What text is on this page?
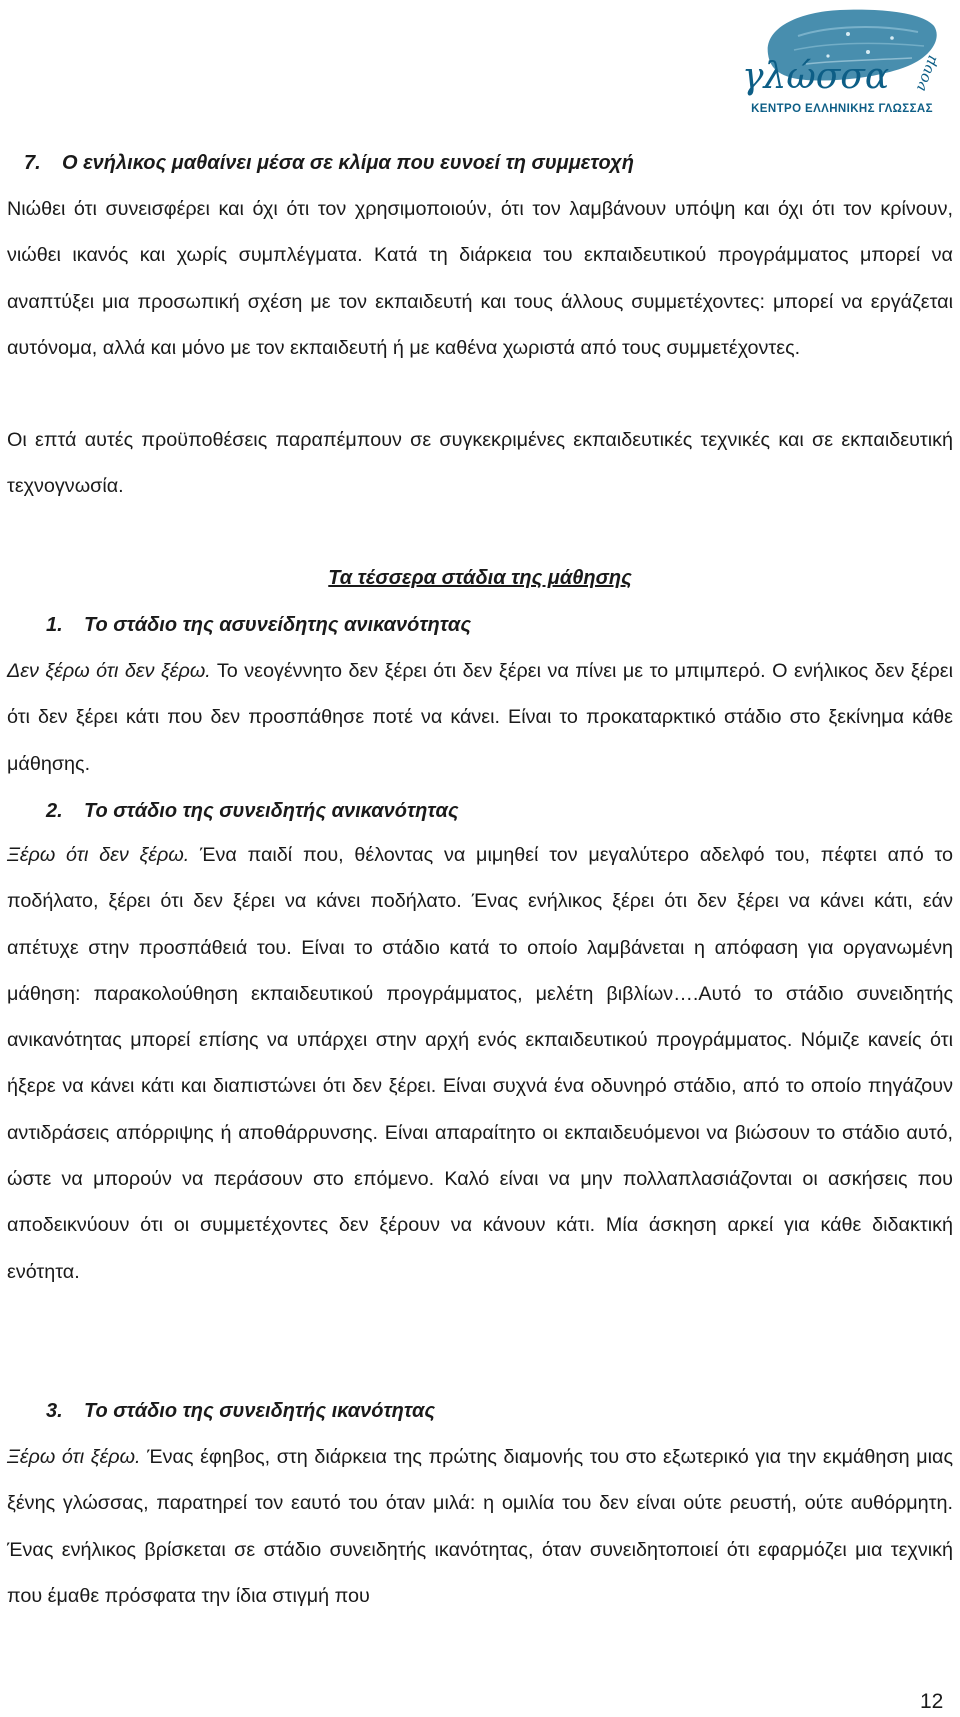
γλώσσα νουμ
ΚΕΝΤΡΟ ΕΛΛΗΝΙΚΗΣ ΓΛΩΣΣΑΣ
7. Ο ενήλικος μαθαίνει μέσα σε κλίμα που ευνοεί τη συμμετοχή

Νιώθει ότι συνεισφέρει και όχι ότι τον χρησιμοποιούν, ότι τον λαμβάνουν υπόψη και όχι ότι τον κρίνουν, νιώθει ικανός και χωρίς συμπλέγματα. Κατά τη διάρκεια του εκπαιδευτικού προγράμματος μπορεί να αναπτύξει μια προσωπική σχέση με τον εκπαιδευτή και τους άλλους συμμετέχοντες: μπορεί να εργάζεται αυτόνομα, αλλά και μόνο με τον εκπαιδευτή ή με καθένα χωριστά από τους συμμετέχοντες.

Οι επτά αυτές προϋποθέσεις παραπέμπουν σε συγκεκριμένες εκπαιδευτικές τεχνικές και σε εκπαιδευτική τεχνογνωσία.

Τα τέσσερα στάδια της μάθησης
1. Το στάδιο της ασυνείδητης ανικανότητας

Δεν ξέρω ότι δεν ξέρω. Το νεογέννητο δεν ξέρει ότι δεν ξέρει να πίνει με το μπιμπερό. Ο ενήλικος δεν ξέρει ότι δεν ξέρει κάτι που δεν προσπάθησε ποτέ να κάνει. Είναι το προκαταρκτικό στάδιο στο ξεκίνημα κάθε μάθησης.

2. Το στάδιο της συνειδητής ανικανότητας

Ξέρω ότι δεν ξέρω. Ένα παιδί που, θέλοντας να μιμηθεί τον μεγαλύτερο αδελφό του, πέφτει από το ποδήλατο, ξέρει ότι δεν ξέρει να κάνει ποδήλατο. Ένας ενήλικος ξέρει ότι δεν ξέρει να κάνει κάτι, εάν απέτυχε στην προσπάθειά του. Είναι το στάδιο κατά το οποίο λαμβάνεται η απόφαση για οργανωμένη μάθηση: παρακολούθηση εκπαιδευτικού προγράμματος, μελέτη βιβλίων….Αυτό το στάδιο συνειδητής ανικανότητας μπορεί επίσης να υπάρχει στην αρχή ενός εκπαιδευτικού προγράμματος. Νόμιζε κανείς ότι ήξερε να κάνει κάτι και διαπιστώνει ότι δεν ξέρει. Είναι συχνά ένα οδυνηρό στάδιο, από το οποίο πηγάζουν αντιδράσεις απόρριψης ή αποθάρρυνσης. Είναι απαραίτητο οι εκπαιδευόμενοι να βιώσουν το στάδιο αυτό, ώστε να μπορούν να περάσουν στο επόμενο. Καλό είναι να μην πολλαπλασιάζονται οι ασκήσεις που αποδεικνύουν ότι οι συμμετέχοντες δεν ξέρουν να κάνουν κάτι. Μία άσκηση αρκεί για κάθε διδακτική ενότητα.

3. Το στάδιο της συνειδητής ικανότητας

Ξέρω ότι ξέρω. Ένας έφηβος, στη διάρκεια της πρώτης διαμονής του στο εξωτερικό για την εκμάθηση μιας ξένης γλώσσας, παρατηρεί τον εαυτό του όταν μιλά: η ομιλία του δεν είναι ούτε ρευστή, ούτε αυθόρμητη. Ένας ενήλικος βρίσκεται σε στάδιο συνειδητής ικανότητας, όταν συνειδητοποιεί ότι εφαρμόζει μια τεχνική που έμαθε πρόσφατα την ίδια στιγμή που

12
